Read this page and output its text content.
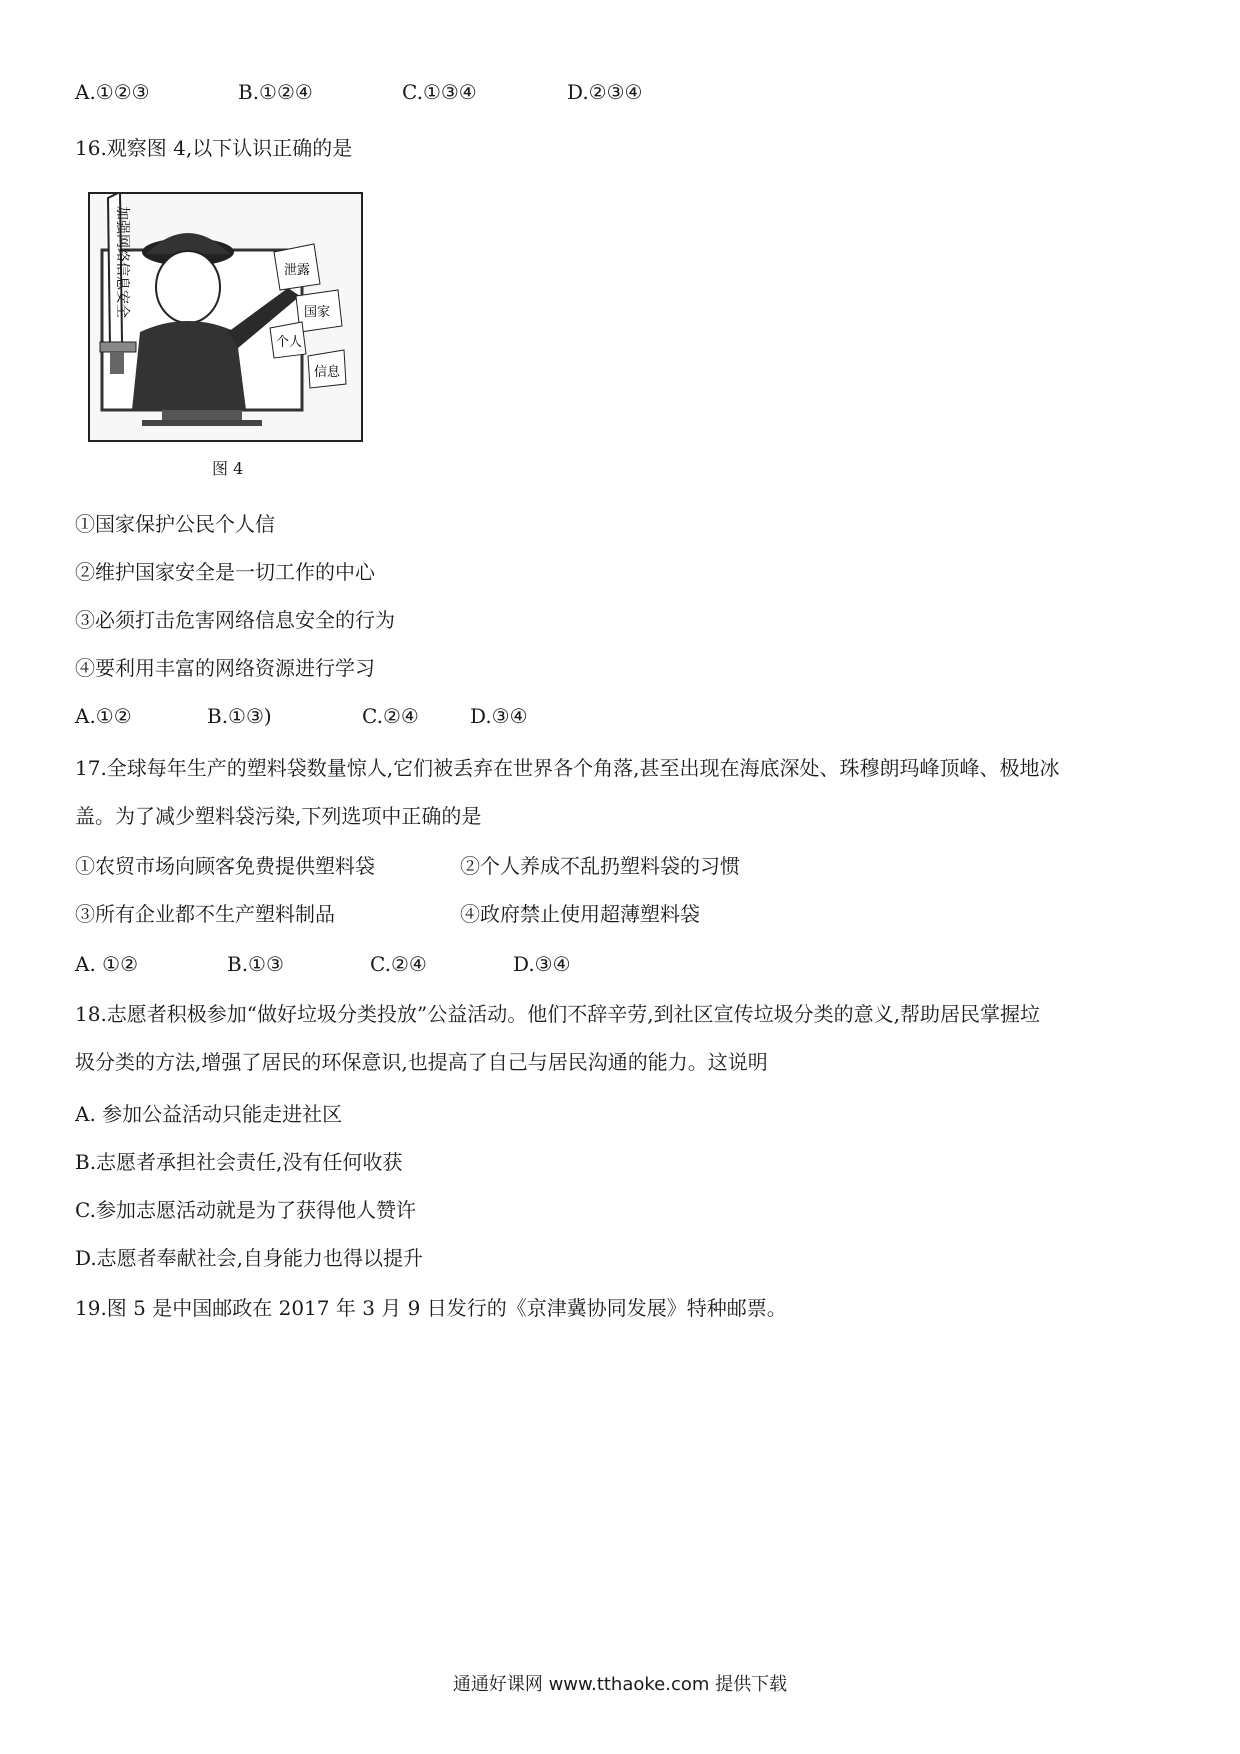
A.①②③	B.①②④	C.①③④	D.②③④
16.观察图 4,以下认识正确的是
加强网络信息安全	泄露
国家
个人
信息
图 4
①国家保护公民个人信
②维护国家安全是一切工作的中心
③必须打击危害网络信息安全的行为
④要利用丰富的网络资源进行学习
A.①②	B.①③)	C.②④	D.③④
17.全球每年生产的塑料袋数量惊人,它们被丢弃在世界各个角落,甚至出现在海底深处、珠穆朗玛峰顶峰、极地冰
盖。为了减少塑料袋污染,下列选项中正确的是
①农贸市场向顾客免费提供塑料袋	②个人养成不乱扔塑料袋的习惯
③所有企业都不生产塑料制品	④政府禁止使用超薄塑料袋
A. ①②	B.①③	C.②④	D.③④
18.志愿者积极参加“做好垃圾分类投放”公益活动。他们不辞辛劳,到社区宣传垃圾分类的意义,帮助居民掌握垃
圾分类的方法,增强了居民的环保意识,也提高了自己与居民沟通的能力。这说明
A. 参加公益活动只能走进社区
B.志愿者承担社会责任,没有任何收获
C.参加志愿活动就是为了获得他人赞许
D.志愿者奉献社会,自身能力也得以提升
19.图 5 是中国邮政在 2017 年 3 月 9 日发行的《京津冀协同发展》特种邮票。
通通好课网 www.tthaoke.com 提供下载
